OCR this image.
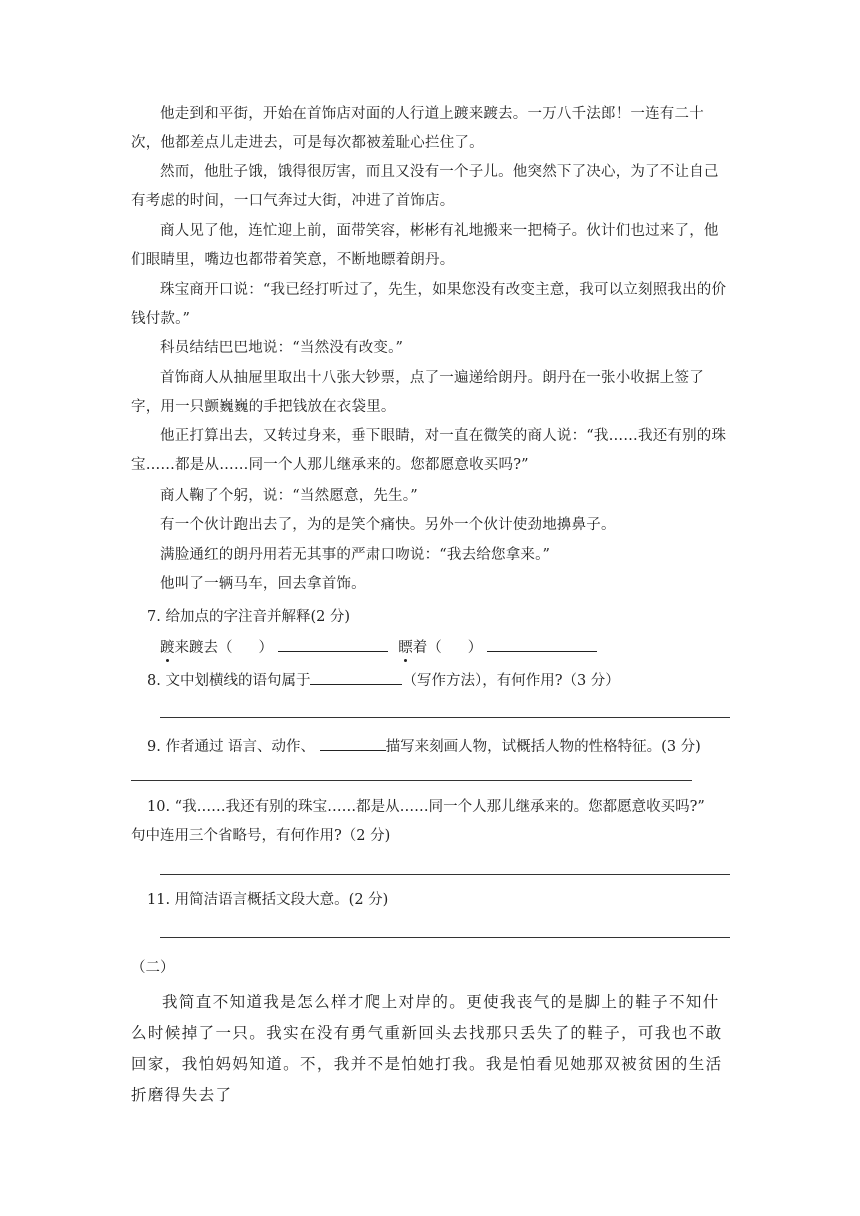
他走到和平街，开始在首饰店对面的人行道上踱来踱去。一万八千法郎！一连有二十次，他都差点儿走进去，可是每次都被羞耻心拦住了。

然而，他肚子饿，饿得很厉害，而且又没有一个子儿。他突然下了决心，为了不让自己有考虑的时间，一口气奔过大街，冲进了首饰店。

商人见了他，连忙迎上前，面带笑容，彬彬有礼地搬来一把椅子。伙计们也过来了，他们眼睛里，嘴边也都带着笑意，不断地瞟着朗丹。

珠宝商开口说：“我已经打听过了，先生，如果您没有改变主意，我可以立刻照我出的价钱付款。”

科员结结巴巴地说：“当然没有改变。”

首饰商人从抽屉里取出十八张大钞票，点了一遍递给朗丹。朗丹在一张小收据上签了字，用一只颤巍巍的手把钱放在衣袋里。

他正打算出去，又转过身来，垂下眼睛，对一直在微笑的商人说：“我……我还有别的珠宝……都是从……同一个人那儿继承来的。您都愿意收买吗?”

商人鞠了个躬，说：“当然愿意，先生。”

有一个伙计跑出去了，为的是笑个痛快。另外一个伙计使劲地擤鼻子。

满脸通红的朗丹用若无其事的严肃口吻说：“我去给您拿来。”

他叫了一辆马车，回去拿首饰。

7. 给加点的字注音并解释(2 分)

踱来踱去（ ）	瞟着（ ）

8. 文中划横线的语句属于	（写作方法），有何作用?（3 分）

9. 作者通过 语言、动作、	描写来刻画人物，试概括人物的性格特征。(3 分)

10. “我……我还有别的珠宝……都是从……同一个人那儿继承来的。您都愿意收买吗?”

句中连用三个省略号，有何作用?（2 分)

11. 用简洁语言概括文段大意。(2 分)

（二）

我简直不知道我是怎么样才爬上对岸的。更使我丧气的是脚上的鞋子不知什么时候掉了一只。我实在没有勇气重新回头去找那只丢失了的鞋子，可我也不敢回家，我怕妈妈知道。不，我并不是怕她打我。我是怕看见她那双被贫困的生活折磨得失去了
